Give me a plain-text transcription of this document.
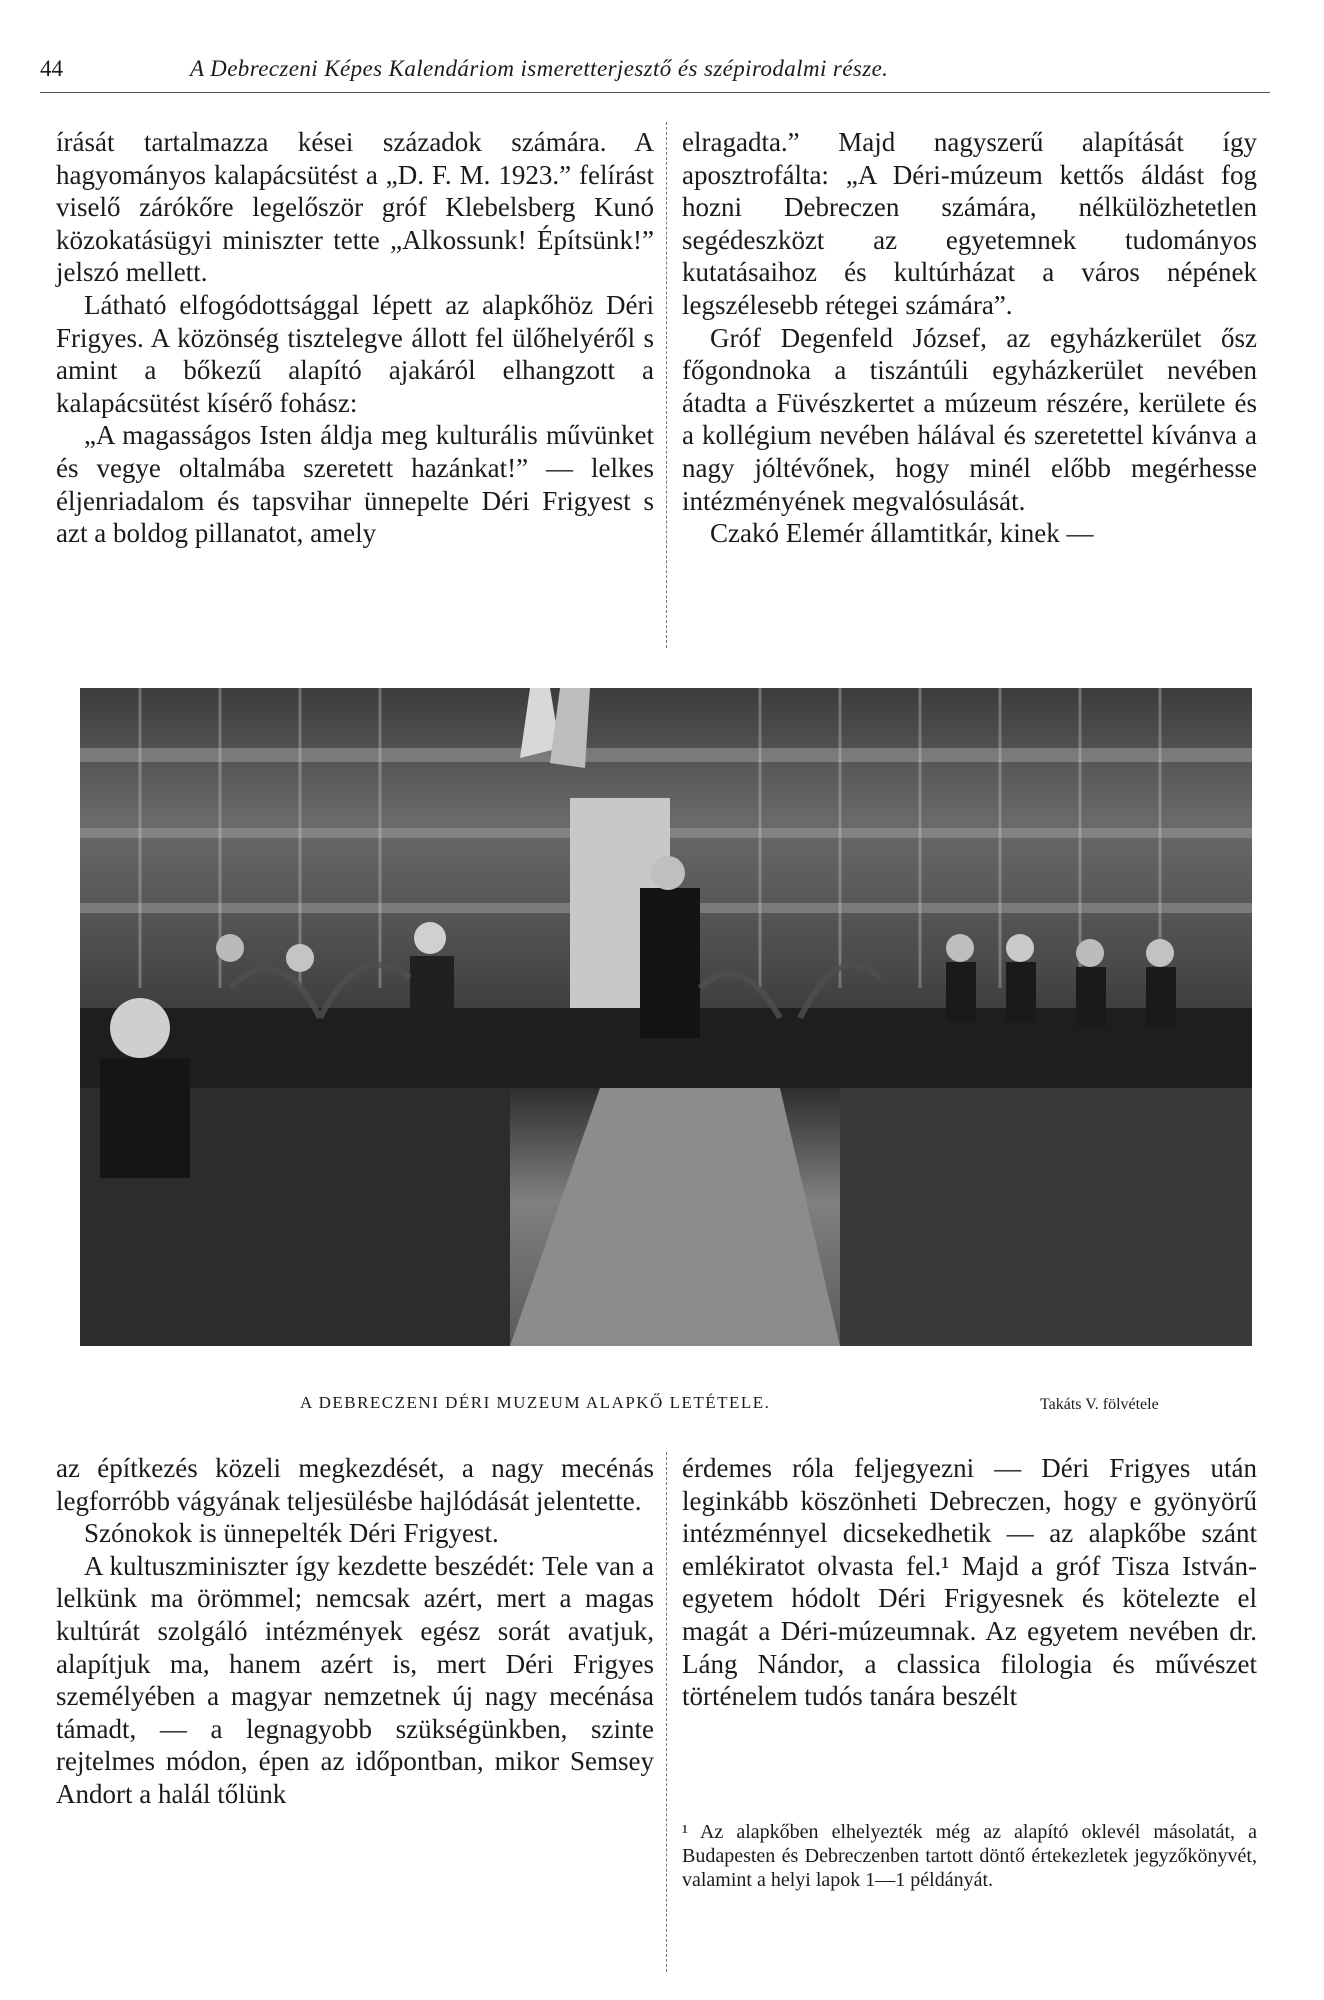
44	A Debreczeni Képes Kalendáriom ismeretterjesztő és szépirodalmi része.

írását tartalmazza kései századok számára. A hagyományos kalapácsütést a „D. F. M. 1923.” felírást viselő zárókőre legelőször gróf Klebelsberg Kunó közokatásügyi miniszter tette „Alkossunk! Építsünk!” jelszó mellett.

Látható elfogódottsággal lépett az alapkőhöz Déri Frigyes. A közönség tisztelegve állott fel ülőhelyéről s amint a bőkezű alapító ajakáról elhangzott a kalapácsütést kísérő fohász:

„A magasságos Isten áldja meg kulturális művünket és vegye oltalmába szeretett hazánkat!” — lelkes éljenriadalom és tapsvihar ünnepelte Déri Frigyest s azt a boldog pillanatot, amely

elragadta.” Majd nagyszerű alapítását így aposztrofálta: „A Déri-múzeum kettős áldást fog hozni Debreczen számára, nélkülözhetetlen segédeszközt az egyetemnek tudományos kutatásaihoz és kultúrházat a város népének legszélesebb rétegei számára”.

Gróf Degenfeld József, az egyházkerület ősz főgondnoka a tiszántúli egyházkerület nevében átadta a Füvészkertet a múzeum részére, kerülete és a kollégium nevében hálával és szeretettel kívánva a nagy jóltévőnek, hogy minél előbb megérhesse intézményének megvalósulását.

Czakó Elemér államtitkár, kinek —

A DEBRECZENI DÉRI MUZEUM ALAPKŐ LETÉTELE.	Takáts V. fölvétele

az építkezés közeli megkezdését, a nagy mecénás legforróbb vágyának teljesülésbe hajlódását jelentette.

Szónokok is ünnepelték Déri Frigyest.

A kultuszminiszter így kezdette beszédét: Tele van a lelkünk ma örömmel; nemcsak azért, mert a magas kultúrát szolgáló intézmények egész sorát avatjuk, alapítjuk ma, hanem azért is, mert Déri Frigyes személyében a magyar nemzetnek új nagy mecénása támadt, — a legnagyobb szükségünkben, szinte rejtelmes módon, épen az időpontban, mikor Semsey Andort a halál tőlünk

érdemes róla feljegyezni — Déri Frigyes után leginkább köszönheti Debreczen, hogy e gyönyörű intézménnyel dicsekedhetik — az alapkőbe szánt emlékiratot olvasta fel.¹ Majd a gróf Tisza István-egyetem hódolt Déri Frigyesnek és kötelezte el magát a Déri-múzeumnak. Az egyetem nevében dr. Láng Nándor, a classica filologia és művészet történelem tudós tanára beszélt

¹ Az alapkőben elhelyezték még az alapító oklevél másolatát, a Budapesten és Debreczenben tartott döntő értekezletek jegyzőkönyvét, valamint a helyi lapok 1—1 példányát.
